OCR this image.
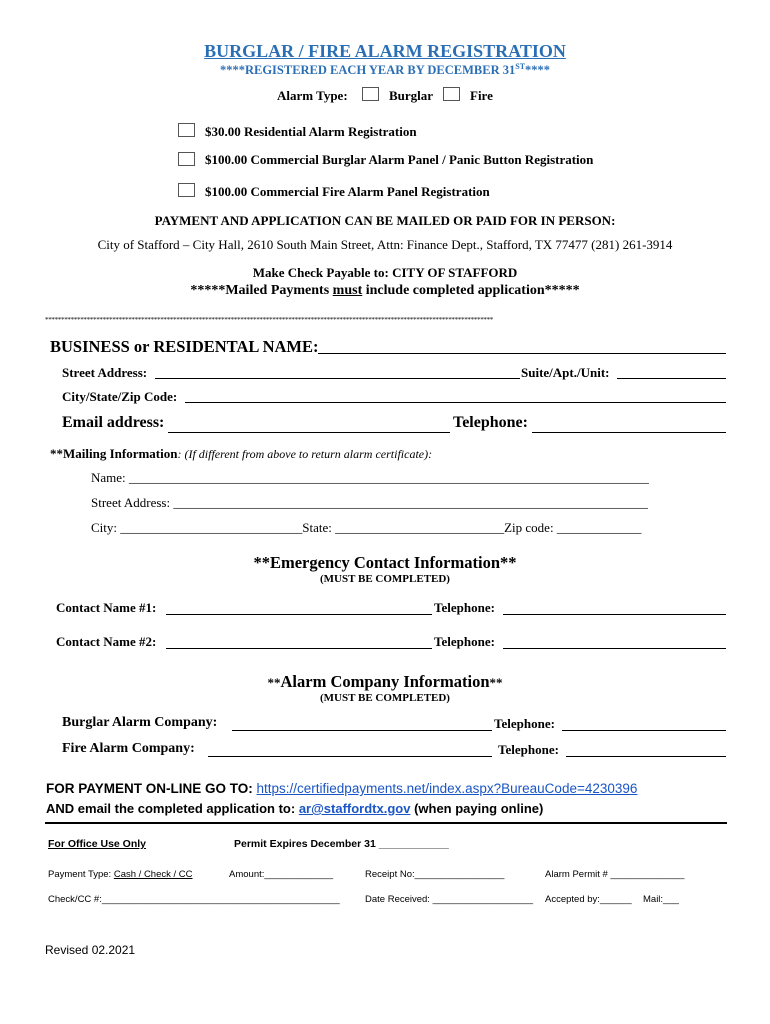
BURGLAR / FIRE ALARM REGISTRATION
****REGISTERED EACH YEAR BY DECEMBER 31ST****
Alarm Type:	Burglar	Fire
$30.00 Residential Alarm Registration
$100.00 Commercial Burglar Alarm Panel / Panic Button Registration
$100.00 Commercial Fire Alarm Panel Registration
PAYMENT AND APPLICATION CAN BE MAILED OR PAID FOR IN PERSON:
City of Stafford – City Hall, 2610 South Main Street, Attn: Finance Dept., Stafford, TX 77477 (281) 261-3914
Make Check Payable to: CITY OF STAFFORD
*****Mailed Payments must include completed application*****
********************************************************************************************************************************************
BUSINESS or RESIDENTAL NAME:
Street Address:	Suite/Apt./Unit:
City/State/Zip Code:
Email address:	Telephone:
**Mailing Information: (If different from above to return alarm certificate):
Name: ________________________________________________________________________________
Street Address: _________________________________________________________________________
City: ____________________________State: __________________________Zip code: _____________
**Emergency Contact Information**
(MUST BE COMPLETED)
Contact Name #1:	Telephone:
Contact Name #2:	Telephone:
**Alarm Company Information**
(MUST BE COMPLETED)
Burglar Alarm Company:	Telephone:
Fire Alarm Company:	Telephone:
FOR PAYMENT ON-LINE GO TO: https://certifiedpayments.net/index.aspx?BureauCode=4230396
AND email the completed application to: ar@staffordtx.gov (when paying online)
For Office Use Only	Permit Expires December 31 ____________
Payment Type: Cash / Check / CC	Amount:_____________	Receipt No:_________________	Alarm Permit # ______________
Check/CC #:_____________________________________________	Date Received: ___________________ Accepted by:______ Mail:___
Revised 02.2021
